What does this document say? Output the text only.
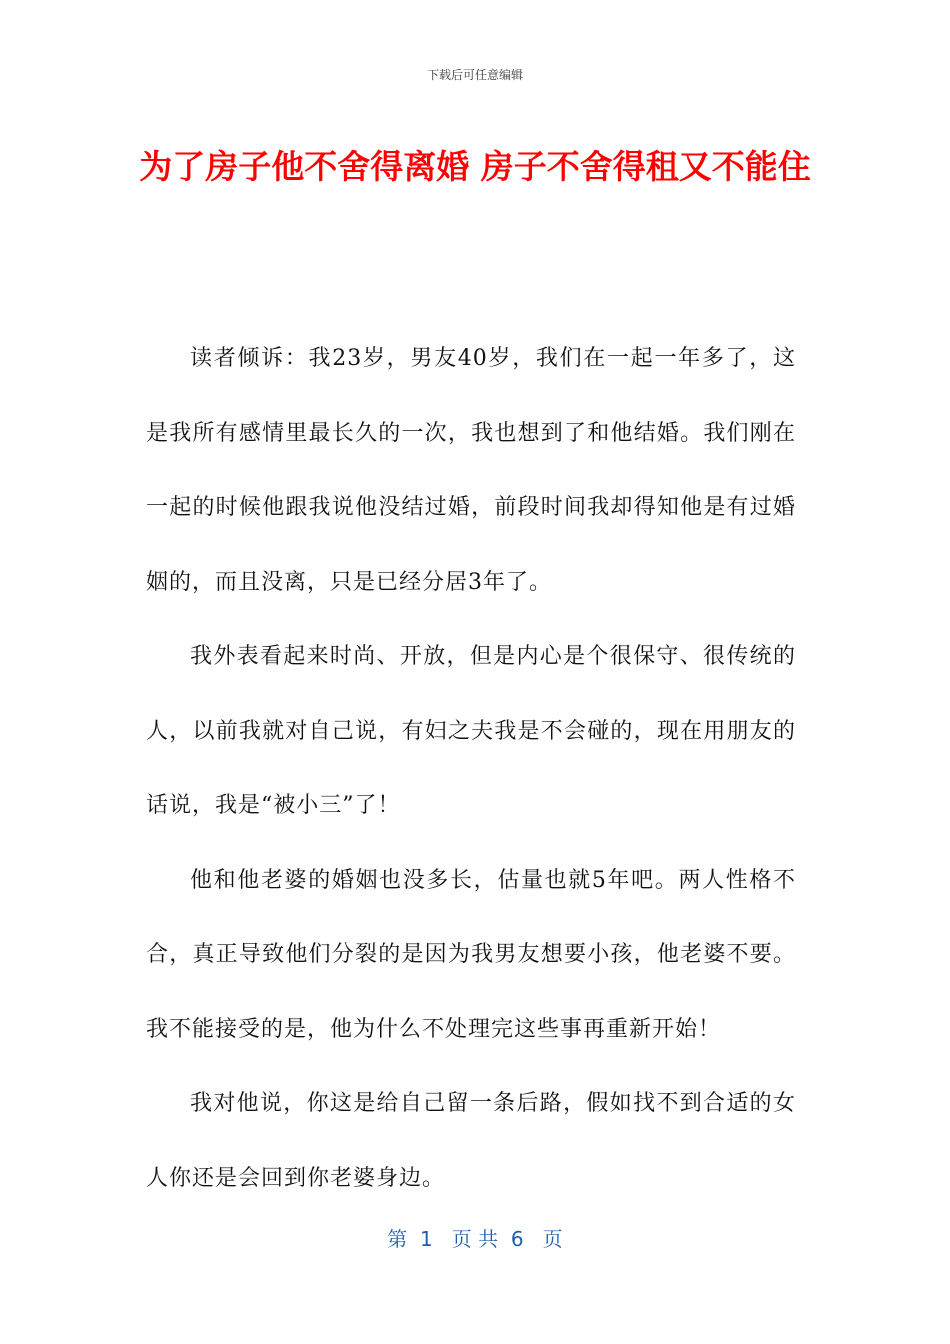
下载后可任意编辑
为了房子他不舍得离婚 房子不舍得租又不能住

读者倾诉：我23岁，男友40岁，我们在一起一年多了，这是我所有感情里最长久的一次，我也想到了和他结婚。我们刚在一起的时候他跟我说他没结过婚，前段时间我却得知他是有过婚姻的，而且没离，只是已经分居3年了。

我外表看起来时尚、开放，但是内心是个很保守、很传统的人，以前我就对自己说，有妇之夫我是不会碰的，现在用朋友的话说，我是“被小三”了！

他和他老婆的婚姻也没多长，估量也就5年吧。两人性格不合，真正导致他们分裂的是因为我男友想要小孩，他老婆不要。我不能接受的是，他为什么不处理完这些事再重新开始！

我对他说，你这是给自己留一条后路，假如找不到合适的女人你还是会回到你老婆身边。

第  1   页 共  6   页
